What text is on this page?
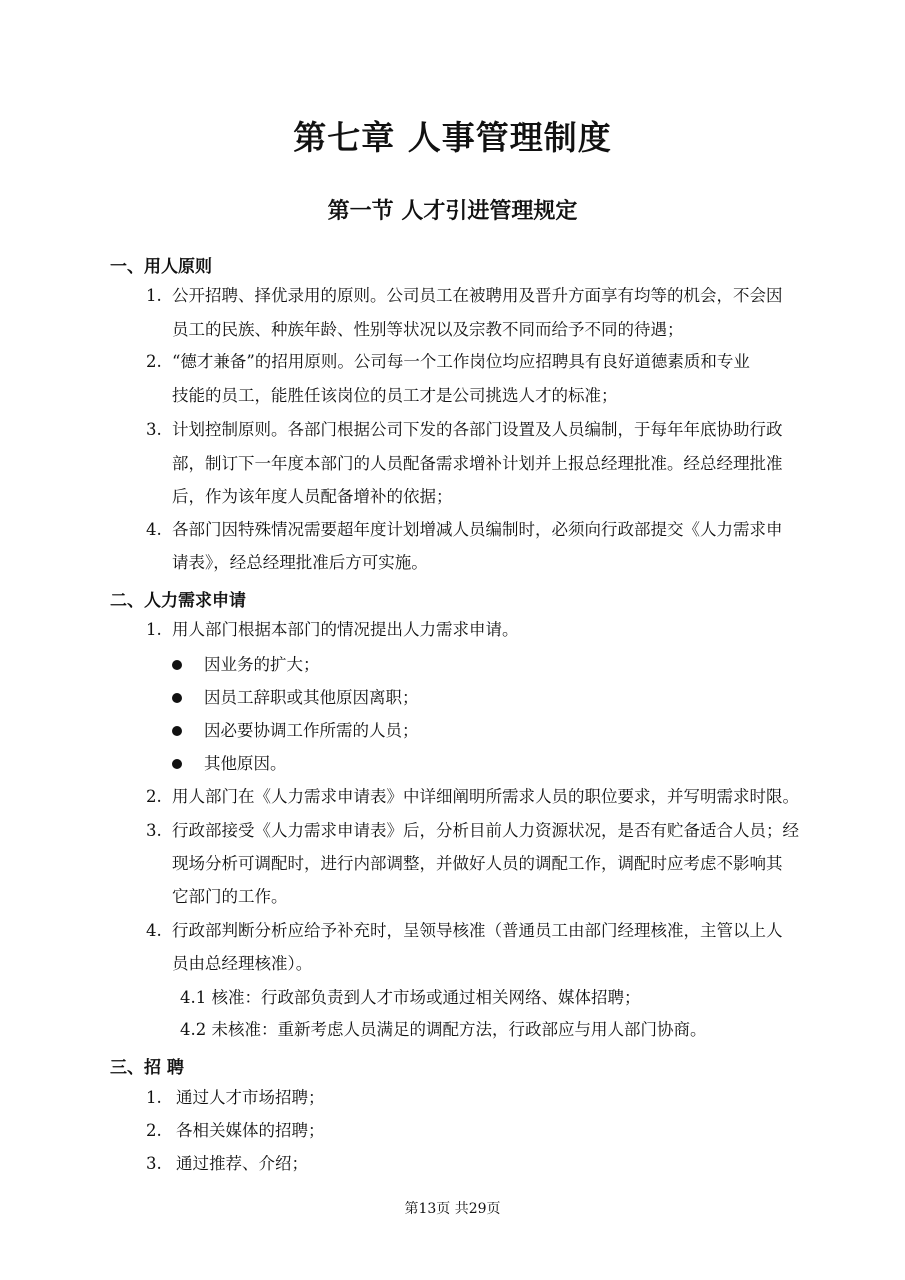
第七章 人事管理制度
第一节 人才引进管理规定
一、用人原则
1. 公开招聘、择优录用的原则。公司员工在被聘用及晋升方面享有均等的机会，不会因
员工的民族、种族年龄、性别等状况以及宗教不同而给予不同的待遇；
2. “德才兼备”的招用原则。公司每一个工作岗位均应招聘具有良好道德素质和专业
技能的员工，能胜任该岗位的员工才是公司挑选人才的标准；
3. 计划控制原则。各部门根据公司下发的各部门设置及人员编制，于每年年底协助行政
部，制订下一年度本部门的人员配备需求增补计划并上报总经理批准。经总经理批准
后，作为该年度人员配备增补的依据；
4. 各部门因特殊情况需要超年度计划增减人员编制时，必须向行政部提交《人力需求申
请表》，经总经理批准后方可实施。
二、人力需求申请
1. 用人部门根据本部门的情况提出人力需求申请。
因业务的扩大；
因员工辞职或其他原因离职；
因必要协调工作所需的人员；
其他原因。
2. 用人部门在《人力需求申请表》中详细阐明所需求人员的职位要求，并写明需求时限。
3. 行政部接受《人力需求申请表》后，分析目前人力资源状况，是否有贮备适合人员；经
现场分析可调配时，进行内部调整，并做好人员的调配工作，调配时应考虑不影响其
它部门的工作。
4. 行政部判断分析应给予补充时，呈领导核准（普通员工由部门经理核准，主管以上人
员由总经理核准）。
4.1 核准：行政部负责到人才市场或通过相关网络、媒体招聘；
4.2 未核准：重新考虑人员满足的调配方法，行政部应与用人部门协商。
三、招 聘
1. 通过人才市场招聘；
2. 各相关媒体的招聘；
3. 通过推荐、介绍；
第13页 共29页
